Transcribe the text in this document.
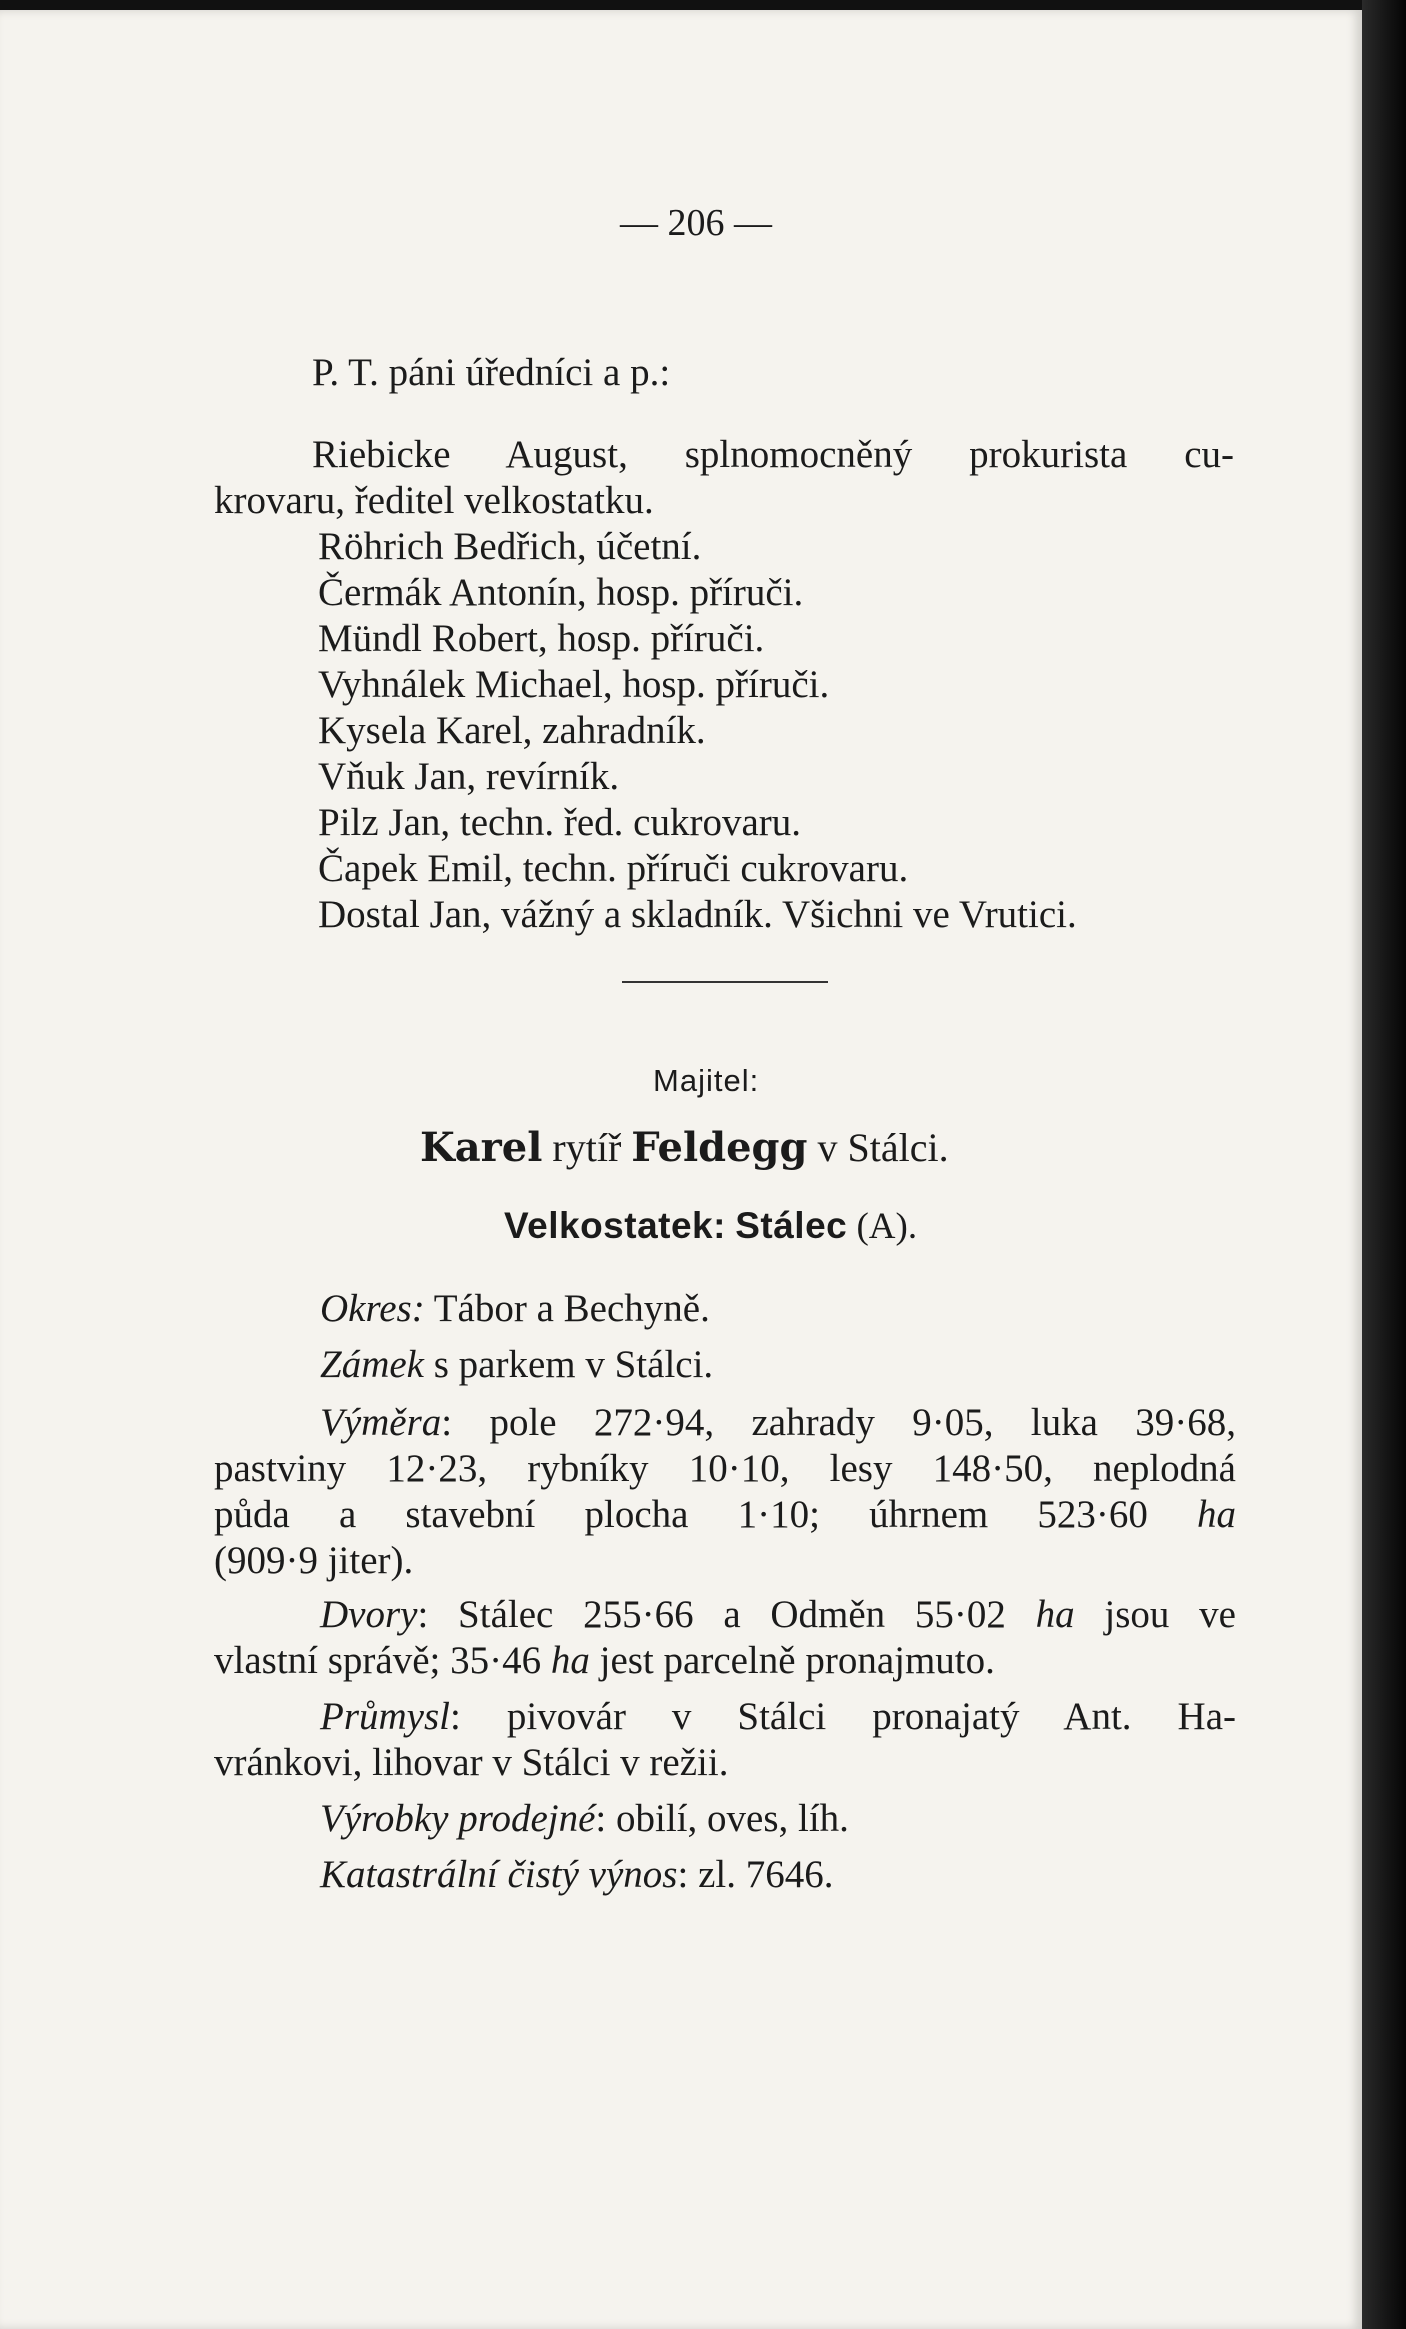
— 206 —
P. T. páni úředníci a p.:
Riebicke August, splnomocněný prokurista cu-
krovaru, ředitel velkostatku.
Röhrich Bedřich, účetní.
Čermák Antonín, hosp. příruči.
Mündl Robert, hosp. příruči.
Vyhnálek Michael, hosp. příruči.
Kysela Karel, zahradník.
Vňuk Jan, revírník.
Pilz Jan, techn. řed. cukrovaru.
Čapek Emil, techn. příruči cukrovaru.
Dostal Jan, vážný a skladník. Všichni ve Vrutici.
Majitel:
Karel rytíř Feldegg v Stálci.
Velkostatek: Stálec (A).
Okres: Tábor a Bechyně.
Zámek s parkem v Stálci.
Výměra: pole 272·94, zahrady 9·05, luka 39·68,
pastviny 12·23, rybníky 10·10, lesy 148·50, neplodná
půda a stavební plocha 1·10; úhrnem 523·60 ha
(909·9 jiter).
Dvory: Stálec 255·66 a Odměn 55·02 ha jsou ve
vlastní správě; 35·46 ha jest parcelně pronajmuto.
Průmysl: pivovár v Stálci pronajatý Ant. Ha-
vránkovi, lihovar v Stálci v režii.
Výrobky prodejné: obilí, oves, líh.
Katastrální čistý výnos: zl. 7646.
